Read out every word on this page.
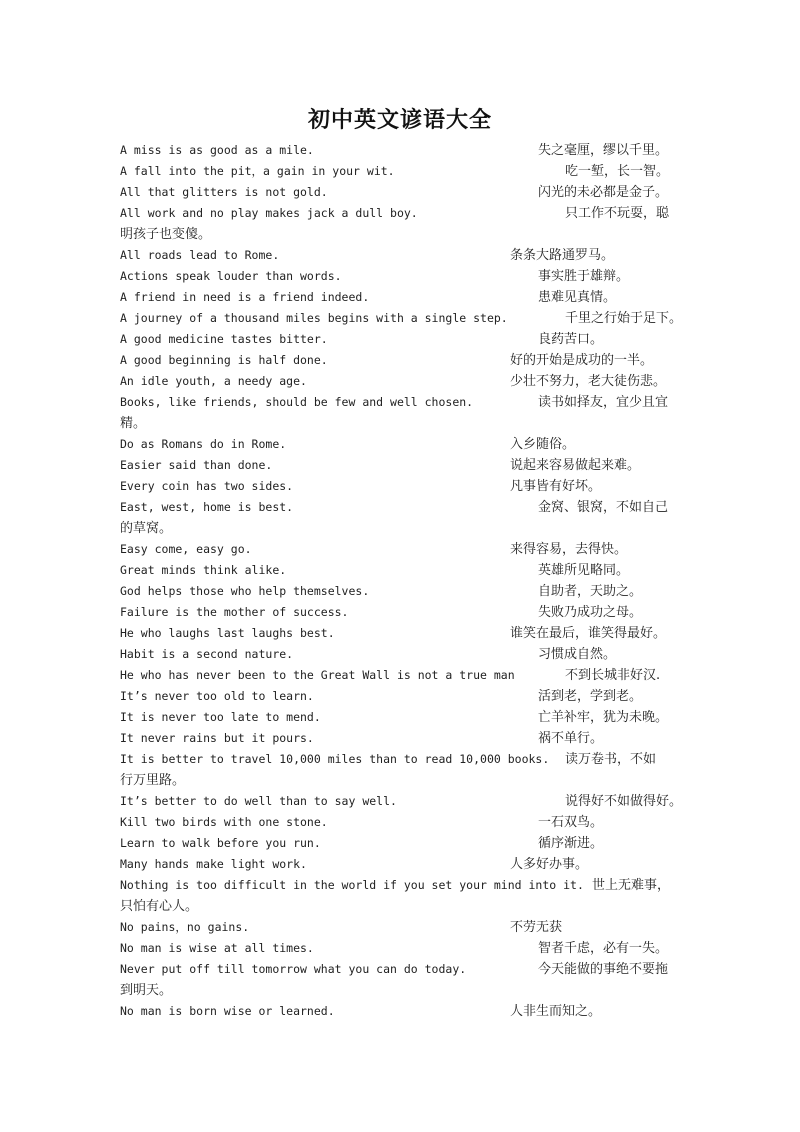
初中英文谚语大全
A miss is as good as a mile.	失之毫厘，缪以千里。
A fall into the pit，a gain in your wit.	吃一堑，长一智。
All that glitters is not gold.	闪光的未必都是金子。
All work and no play makes jack a dull boy.	只工作不玩耍，聪
明孩子也变傻。
All roads lead to Rome.	条条大路通罗马。
Actions speak louder than words.	事实胜于雄辩。
A friend in need is a friend indeed.	患难见真情。
A journey of a thousand miles begins with a single step.	千里之行始于足下。
A good medicine tastes bitter.	良药苦口。
A good beginning is half done.	好的开始是成功的一半。
An idle youth, a needy age.	少壮不努力，老大徒伤悲。
Books, like friends, should be few and well chosen.	读书如择友，宜少且宜
精。
Do as Romans do in Rome.	入乡随俗。
Easier said than done.	说起来容易做起来难。
Every coin has two sides.	凡事皆有好坏。
East, west, home is best.	金窝、银窝，不如自己
的草窝。
Easy come, easy go.	来得容易，去得快。
Great minds think alike.	英雄所见略同。
God helps those who help themselves.	自助者，天助之。
Failure is the mother of success.	失败乃成功之母。
He who laughs last laughs best.	谁笑在最后，谁笑得最好。
Habit is a second nature.	习惯成自然。
He who has never been to the Great Wall is not a true man	不到长城非好汉.
It’s never too old to learn.	活到老，学到老。
It is never too late to mend.	亡羊补牢，犹为未晚。
It never rains but it pours.	祸不单行。
It is better to travel 10,000 miles than to read 10,000 books. 读万卷书，不如
行万里路。
It’s better to do well than to say well.	说得好不如做得好。
Kill two birds with one stone.	一石双鸟。
Learn to walk before you run.	循序渐进。
Many hands make light work.	人多好办事。
Nothing is too difficult in the world if you set your mind into it. 世上无难事，
只怕有心人。
No pains，no gains.	不劳无获
No man is wise at all times.	智者千虑，必有一失。
Never put off till tomorrow what you can do today.	今天能做的事绝不要拖
到明天。
No man is born wise or learned.	人非生而知之。
